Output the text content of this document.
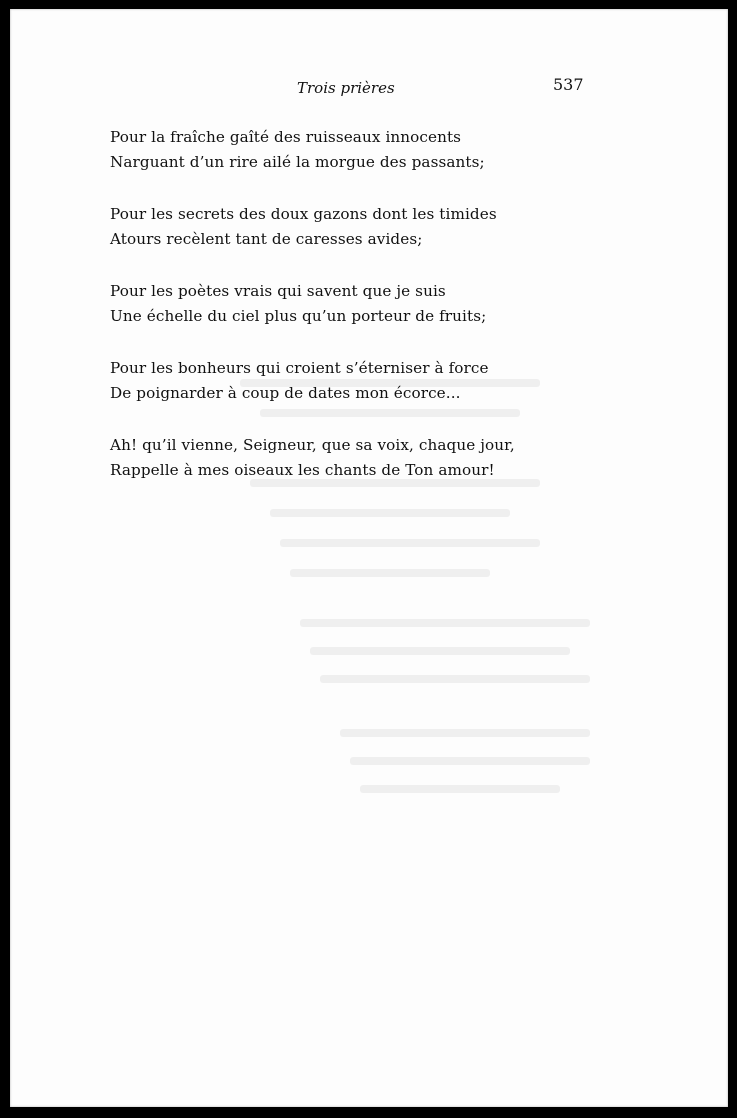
Trois prières	537
Pour la fraîche gaîté des ruisseaux innocents
Narguant d’un rire ailé la morgue des passants;
Pour les secrets des doux gazons dont les timides
Atours recèlent tant de caresses avides;
Pour les poètes vrais qui savent que je suis
Une échelle du ciel plus qu’un porteur de fruits;
Pour les bonheurs qui croient s’éterniser à force
De poignarder à coup de dates mon écorce...
Ah! qu’il vienne, Seigneur, que sa voix, chaque jour,
Rappelle à mes oiseaux les chants de Ton amour!
